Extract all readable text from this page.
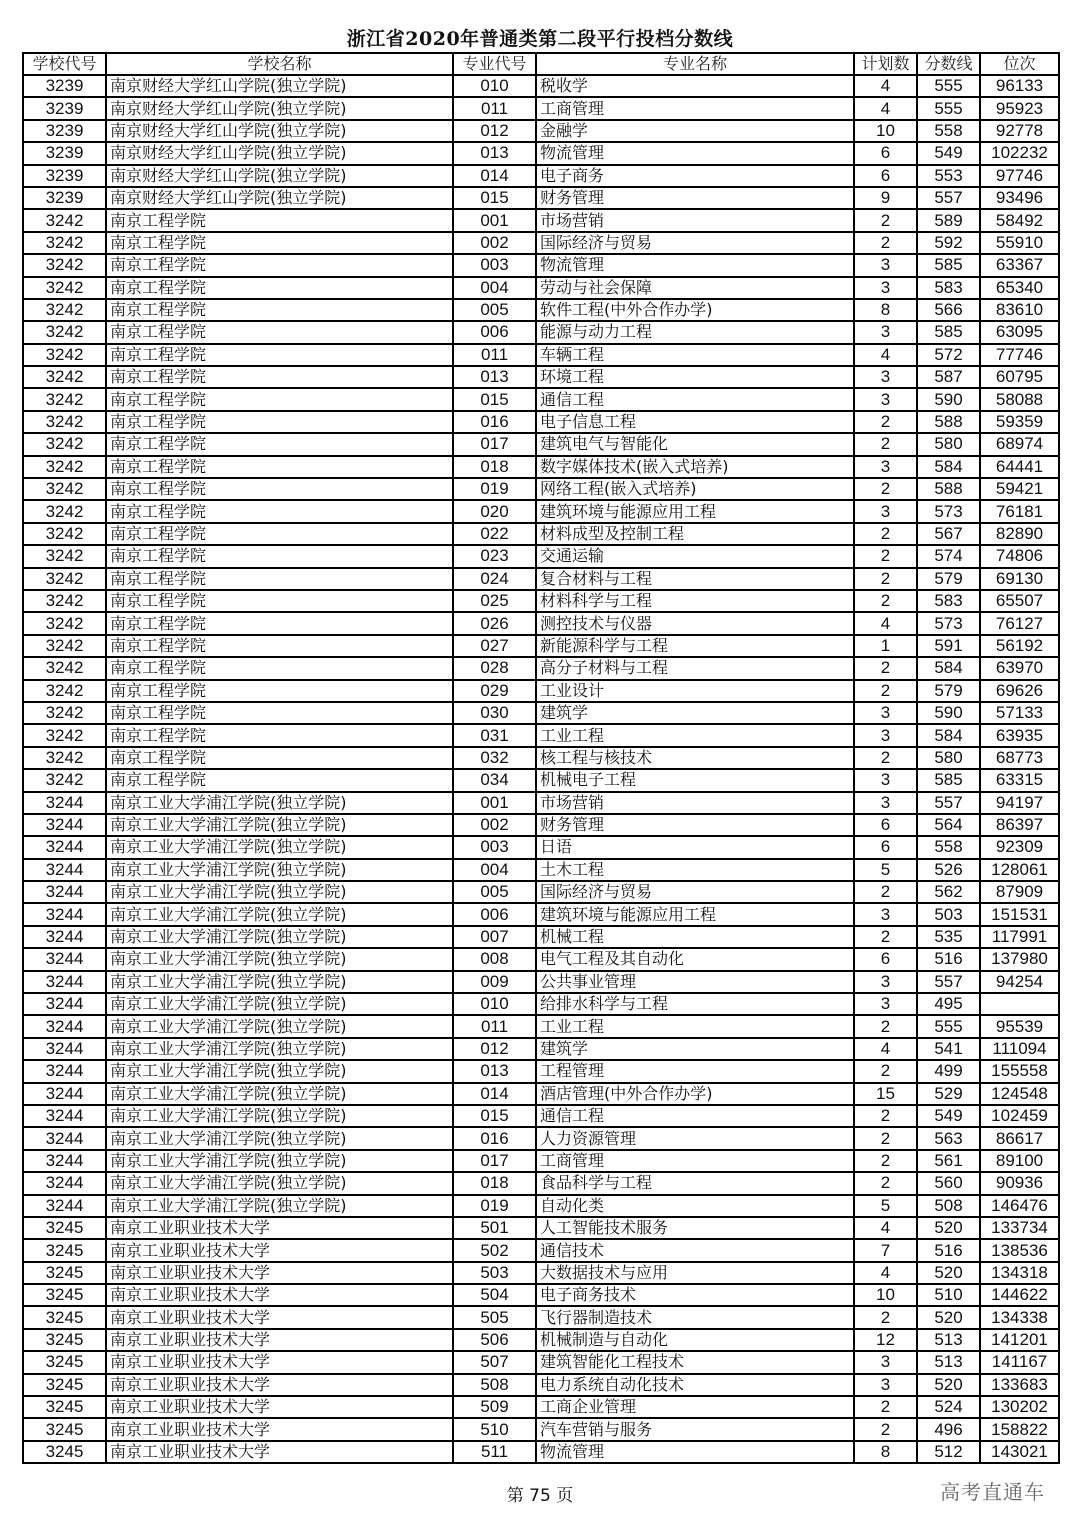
浙江省2020年普通类第二段平行投档分数线
学校代号	学校名称	专业代号	专业名称	计划数	分数线	位次
3239	南京财经大学红山学院(独立学院)	010	税收学	4	555	96133
3239	南京财经大学红山学院(独立学院)	011	工商管理	4	555	95923
3239	南京财经大学红山学院(独立学院)	012	金融学	10	558	92778
3239	南京财经大学红山学院(独立学院)	013	物流管理	6	549	102232
3239	南京财经大学红山学院(独立学院)	014	电子商务	6	553	97746
3239	南京财经大学红山学院(独立学院)	015	财务管理	9	557	93496
3242	南京工程学院	001	市场营销	2	589	58492
3242	南京工程学院	002	国际经济与贸易	2	592	55910
3242	南京工程学院	003	物流管理	3	585	63367
3242	南京工程学院	004	劳动与社会保障	3	583	65340
3242	南京工程学院	005	软件工程(中外合作办学)	8	566	83610
3242	南京工程学院	006	能源与动力工程	3	585	63095
3242	南京工程学院	011	车辆工程	4	572	77746
3242	南京工程学院	013	环境工程	3	587	60795
3242	南京工程学院	015	通信工程	3	590	58088
3242	南京工程学院	016	电子信息工程	2	588	59359
3242	南京工程学院	017	建筑电气与智能化	2	580	68974
3242	南京工程学院	018	数字媒体技术(嵌入式培养)	3	584	64441
3242	南京工程学院	019	网络工程(嵌入式培养)	2	588	59421
3242	南京工程学院	020	建筑环境与能源应用工程	3	573	76181
3242	南京工程学院	022	材料成型及控制工程	2	567	82890
3242	南京工程学院	023	交通运输	2	574	74806
3242	南京工程学院	024	复合材料与工程	2	579	69130
3242	南京工程学院	025	材料科学与工程	2	583	65507
3242	南京工程学院	026	测控技术与仪器	4	573	76127
3242	南京工程学院	027	新能源科学与工程	1	591	56192
3242	南京工程学院	028	高分子材料与工程	2	584	63970
3242	南京工程学院	029	工业设计	2	579	69626
3242	南京工程学院	030	建筑学	3	590	57133
3242	南京工程学院	031	工业工程	3	584	63935
3242	南京工程学院	032	核工程与核技术	2	580	68773
3242	南京工程学院	034	机械电子工程	3	585	63315
3244	南京工业大学浦江学院(独立学院)	001	市场营销	3	557	94197
3244	南京工业大学浦江学院(独立学院)	002	财务管理	6	564	86397
3244	南京工业大学浦江学院(独立学院)	003	日语	6	558	92309
3244	南京工业大学浦江学院(独立学院)	004	土木工程	5	526	128061
3244	南京工业大学浦江学院(独立学院)	005	国际经济与贸易	2	562	87909
3244	南京工业大学浦江学院(独立学院)	006	建筑环境与能源应用工程	3	503	151531
3244	南京工业大学浦江学院(独立学院)	007	机械工程	2	535	117991
3244	南京工业大学浦江学院(独立学院)	008	电气工程及其自动化	6	516	137980
3244	南京工业大学浦江学院(独立学院)	009	公共事业管理	3	557	94254
3244	南京工业大学浦江学院(独立学院)	010	给排水科学与工程	3	495	
3244	南京工业大学浦江学院(独立学院)	011	工业工程	2	555	95539
3244	南京工业大学浦江学院(独立学院)	012	建筑学	4	541	111094
3244	南京工业大学浦江学院(独立学院)	013	工程管理	2	499	155558
3244	南京工业大学浦江学院(独立学院)	014	酒店管理(中外合作办学)	15	529	124548
3244	南京工业大学浦江学院(独立学院)	015	通信工程	2	549	102459
3244	南京工业大学浦江学院(独立学院)	016	人力资源管理	2	563	86617
3244	南京工业大学浦江学院(独立学院)	017	工商管理	2	561	89100
3244	南京工业大学浦江学院(独立学院)	018	食品科学与工程	2	560	90936
3244	南京工业大学浦江学院(独立学院)	019	自动化类	5	508	146476
3245	南京工业职业技术大学	501	人工智能技术服务	4	520	133734
3245	南京工业职业技术大学	502	通信技术	7	516	138536
3245	南京工业职业技术大学	503	大数据技术与应用	4	520	134318
3245	南京工业职业技术大学	504	电子商务技术	10	510	144622
3245	南京工业职业技术大学	505	飞行器制造技术	2	520	134338
3245	南京工业职业技术大学	506	机械制造与自动化	12	513	141201
3245	南京工业职业技术大学	507	建筑智能化工程技术	3	513	141167
3245	南京工业职业技术大学	508	电力系统自动化技术	3	520	133683
3245	南京工业职业技术大学	509	工商企业管理	2	524	130202
3245	南京工业职业技术大学	510	汽车营销与服务	2	496	158822
3245	南京工业职业技术大学	511	物流管理	8	512	143021
第 75 页	高考直通车
